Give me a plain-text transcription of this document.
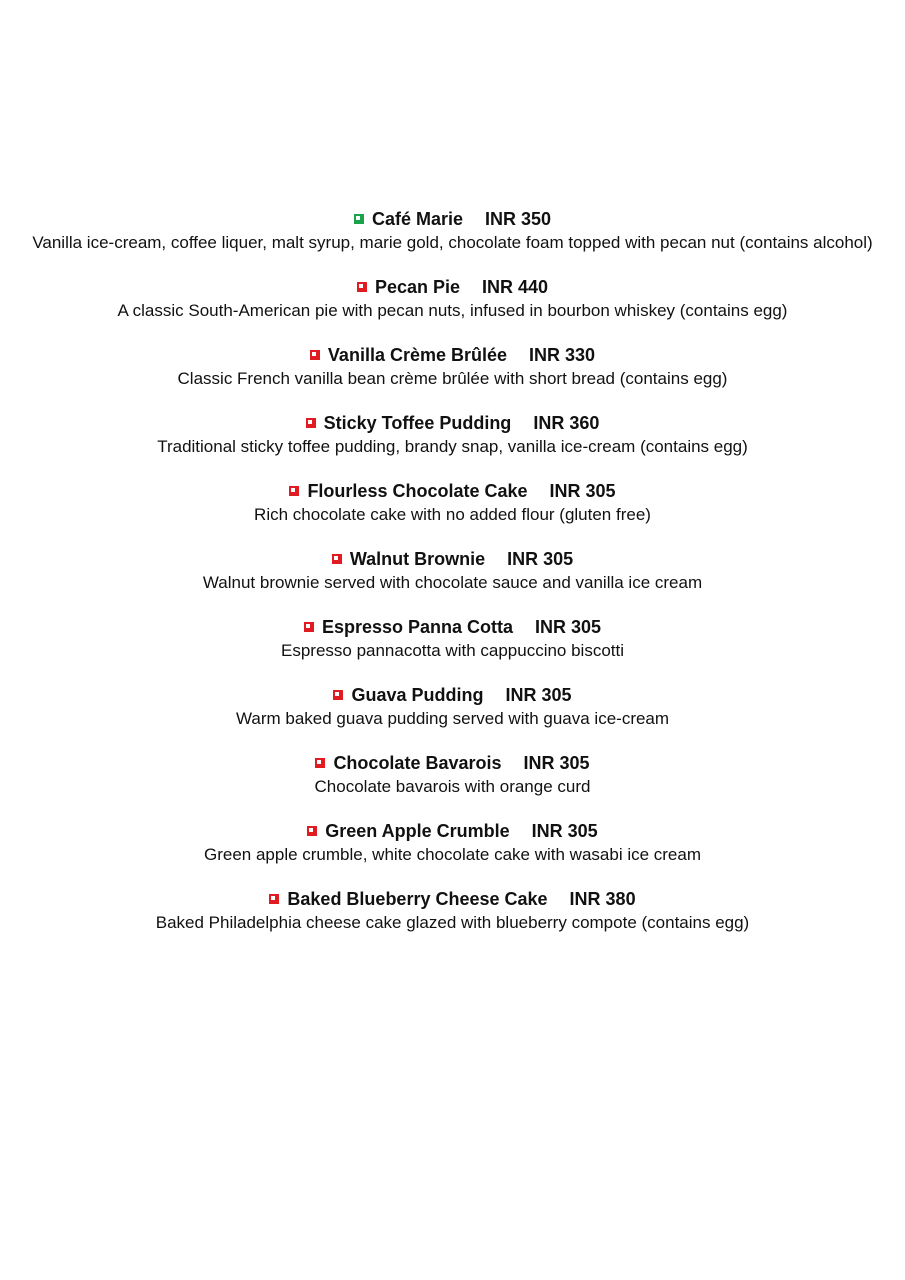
Café Marie INR 350
Vanilla ice-cream, coffee liquer, malt syrup, marie gold, chocolate foam topped with pecan nut (contains alcohol)
Pecan Pie INR 440
A classic South-American pie with pecan nuts, infused in bourbon whiskey (contains egg)
Vanilla Crème Brûlée INR 330
Classic French vanilla bean crème brûlée with short bread (contains egg)
Sticky Toffee Pudding INR 360
Traditional sticky toffee pudding, brandy snap, vanilla ice-cream (contains egg)
Flourless Chocolate Cake INR 305
Rich chocolate cake with no added flour (gluten free)
Walnut Brownie INR 305
Walnut brownie served with chocolate sauce and vanilla ice cream
Espresso Panna Cotta INR 305
Espresso pannacotta with cappuccino biscotti
Guava Pudding INR 305
Warm baked guava pudding served with guava ice-cream
Chocolate Bavarois INR 305
Chocolate bavarois with orange curd
Green Apple Crumble INR 305
Green apple crumble, white chocolate cake with wasabi ice cream
Baked Blueberry Cheese Cake INR 380
Baked Philadelphia cheese cake glazed with blueberry compote (contains egg)
